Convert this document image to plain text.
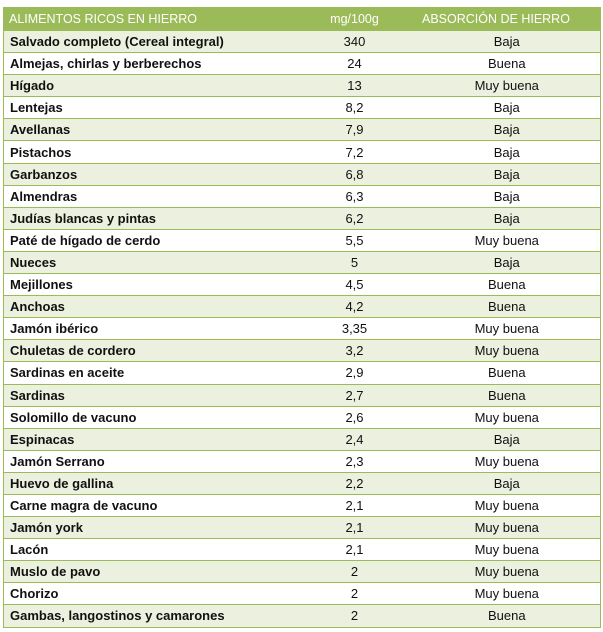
ALIMENTOS RICOS EN HIERRO	mg/100g	ABSORCIÓN DE HIERRO
Salvado completo (Cereal integral)	340	Baja
Almejas, chirlas y berberechos	24	Buena
Hígado	13	Muy buena
Lentejas	8,2	Baja
Avellanas	7,9	Baja
Pistachos	7,2	Baja
Garbanzos	6,8	Baja
Almendras	6,3	Baja
Judías blancas y pintas	6,2	Baja
Paté de hígado de cerdo	5,5	Muy buena
Nueces	5	Baja
Mejillones	4,5	Buena
Anchoas	4,2	Buena
Jamón ibérico	3,35	Muy buena
Chuletas de cordero	3,2	Muy buena
Sardinas en aceite	2,9	Buena
Sardinas	2,7	Buena
Solomillo de vacuno	2,6	Muy buena
Espinacas	2,4	Baja
Jamón Serrano	2,3	Muy buena
Huevo de gallina	2,2	Baja
Carne magra de vacuno	2,1	Muy buena
Jamón york	2,1	Muy buena
Lacón	2,1	Muy buena
Muslo de pavo	2	Muy buena
Chorizo	2	Muy buena
Gambas, langostinos y camarones	2	Buena
